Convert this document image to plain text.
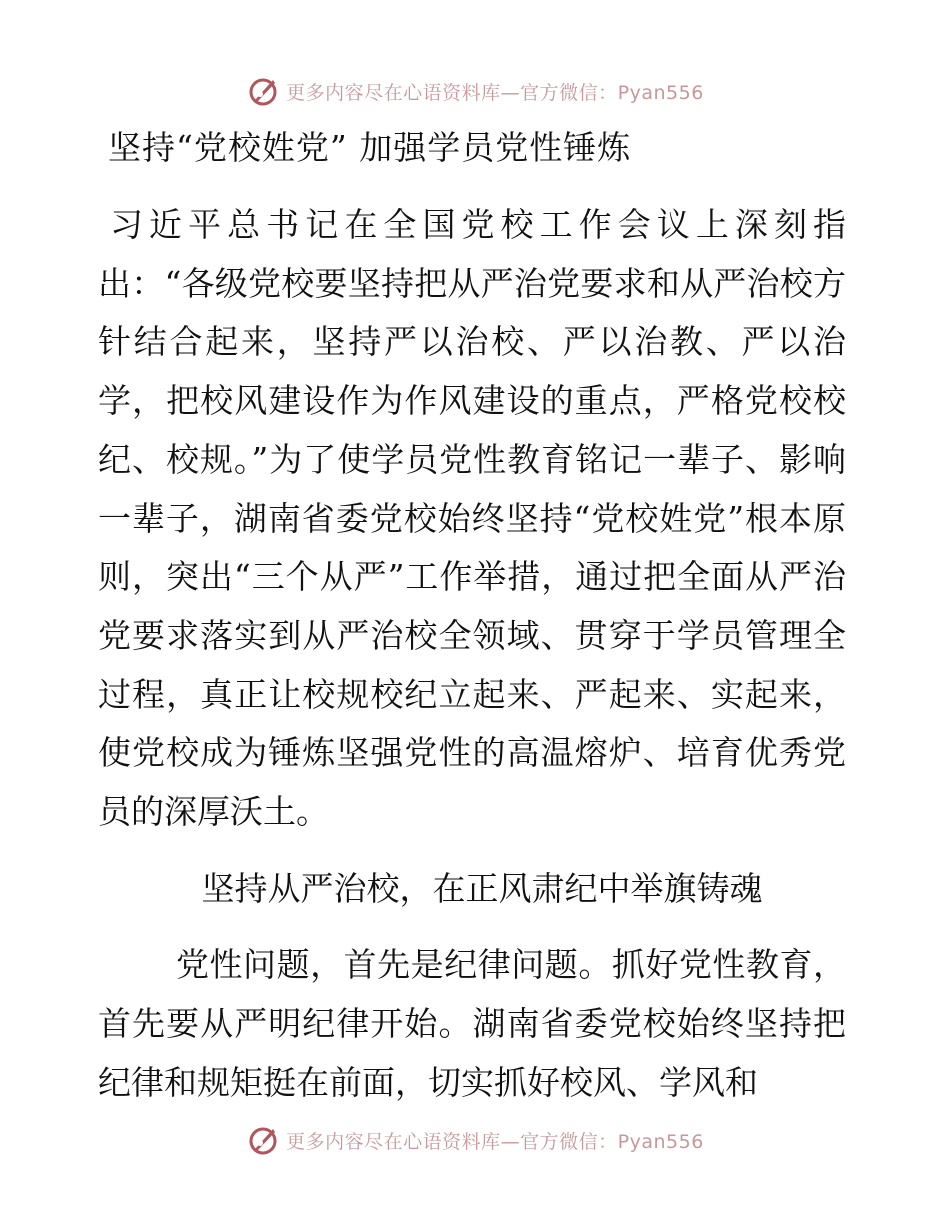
更多内容尽在心语资料库—官方微信：Pyan556
坚持“党校姓党” 加强学员党性锤炼

习近平总书记在全国党校工作会议上深刻指出：“各级党校要坚持把从严治党要求和从严治校方针结合起来，坚持严以治校、严以治教、严以治学，把校风建设作为作风建设的重点，严格党校校纪、校规。”为了使学员党性教育铭记一辈子、影响一辈子，湖南省委党校始终坚持“党校姓党”根本原则，突出“三个从严”工作举措，通过把全面从严治党要求落实到从严治校全领域、贯穿于学员管理全过程，真正让校规校纪立起来、严起来、实起来，使党校成为锤炼坚强党性的高温熔炉、培育优秀党员的深厚沃土。

坚持从严治校，在正风肃纪中举旗铸魂

党性问题，首先是纪律问题。抓好党性教育，首先要从严明纪律开始。湖南省委党校始终坚持把纪律和规矩挺在前面，切实抓好校风、学风和

更多内容尽在心语资料库—官方微信：Pyan556
